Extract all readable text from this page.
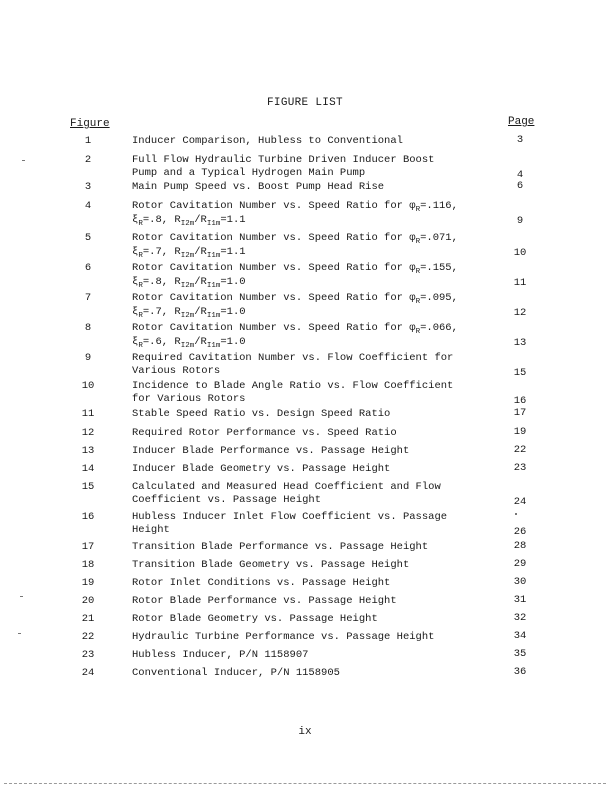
FIGURE LIST
Figure	Page
1	Inducer Comparison, Hubless to Conventional	3
2	Full Flow Hydraulic Turbine Driven Inducer Boost
Pump and a Typical Hydrogen Main Pump	4
3	Main Pump Speed vs. Boost Pump Head Rise	6
4	Rotor Cavitation Number vs. Speed Ratio for $\varphi_R=.116$,
$\xi_R=.8$, $R_{I2m}/R_{I1m}=1.1$	9
5	Rotor Cavitation Number vs. Speed Ratio for $\varphi_R=.071$,
$\xi_R=.7$, $R_{I2m}/R_{I1m}=1.1$	10
6	Rotor Cavitation Number vs. Speed Ratio for $\varphi_R=.155$,
$\xi_R=.8$, $R_{I2m}/R_{I1m}=1.0$	11
7	Rotor Cavitation Number vs. Speed Ratio for $\varphi_R=.095$,
$\xi_R=.7$, $R_{I2m}/R_{I1m}=1.0$	12
8	Rotor Cavitation Number vs. Speed Ratio for $\varphi_R=.066$,
$\xi_R=.6$, $R_{I2m}/R_{I1m}=1.0$	13
9	Required Cavitation Number vs. Flow Coefficient for
Various Rotors	15
10	Incidence to Blade Angle Ratio vs. Flow Coefficient
for Various Rotors	16
11	Stable Speed Ratio vs. Design Speed Ratio	17
12	Required Rotor Performance vs. Speed Ratio	19
13	Inducer Blade Performance vs. Passage Height	22
14	Inducer Blade Geometry vs. Passage Height	23
15	Calculated and Measured Head Coefficient and Flow
Coefficient vs. Passage Height	24
16	Hubless Inducer Inlet Flow Coefficient vs. Passage
Height	26
17	Transition Blade Performance vs. Passage Height	28
18	Transition Blade Geometry vs. Passage Height	29
19	Rotor Inlet Conditions vs. Passage Height	30
20	Rotor Blade Performance vs. Passage Height	31
21	Rotor Blade Geometry vs. Passage Height	32
22	Hydraulic Turbine Performance vs. Passage Height	34
23	Hubless Inducer, P/N 1158907	35
24	Conventional Inducer, P/N 1158905	36
ix
